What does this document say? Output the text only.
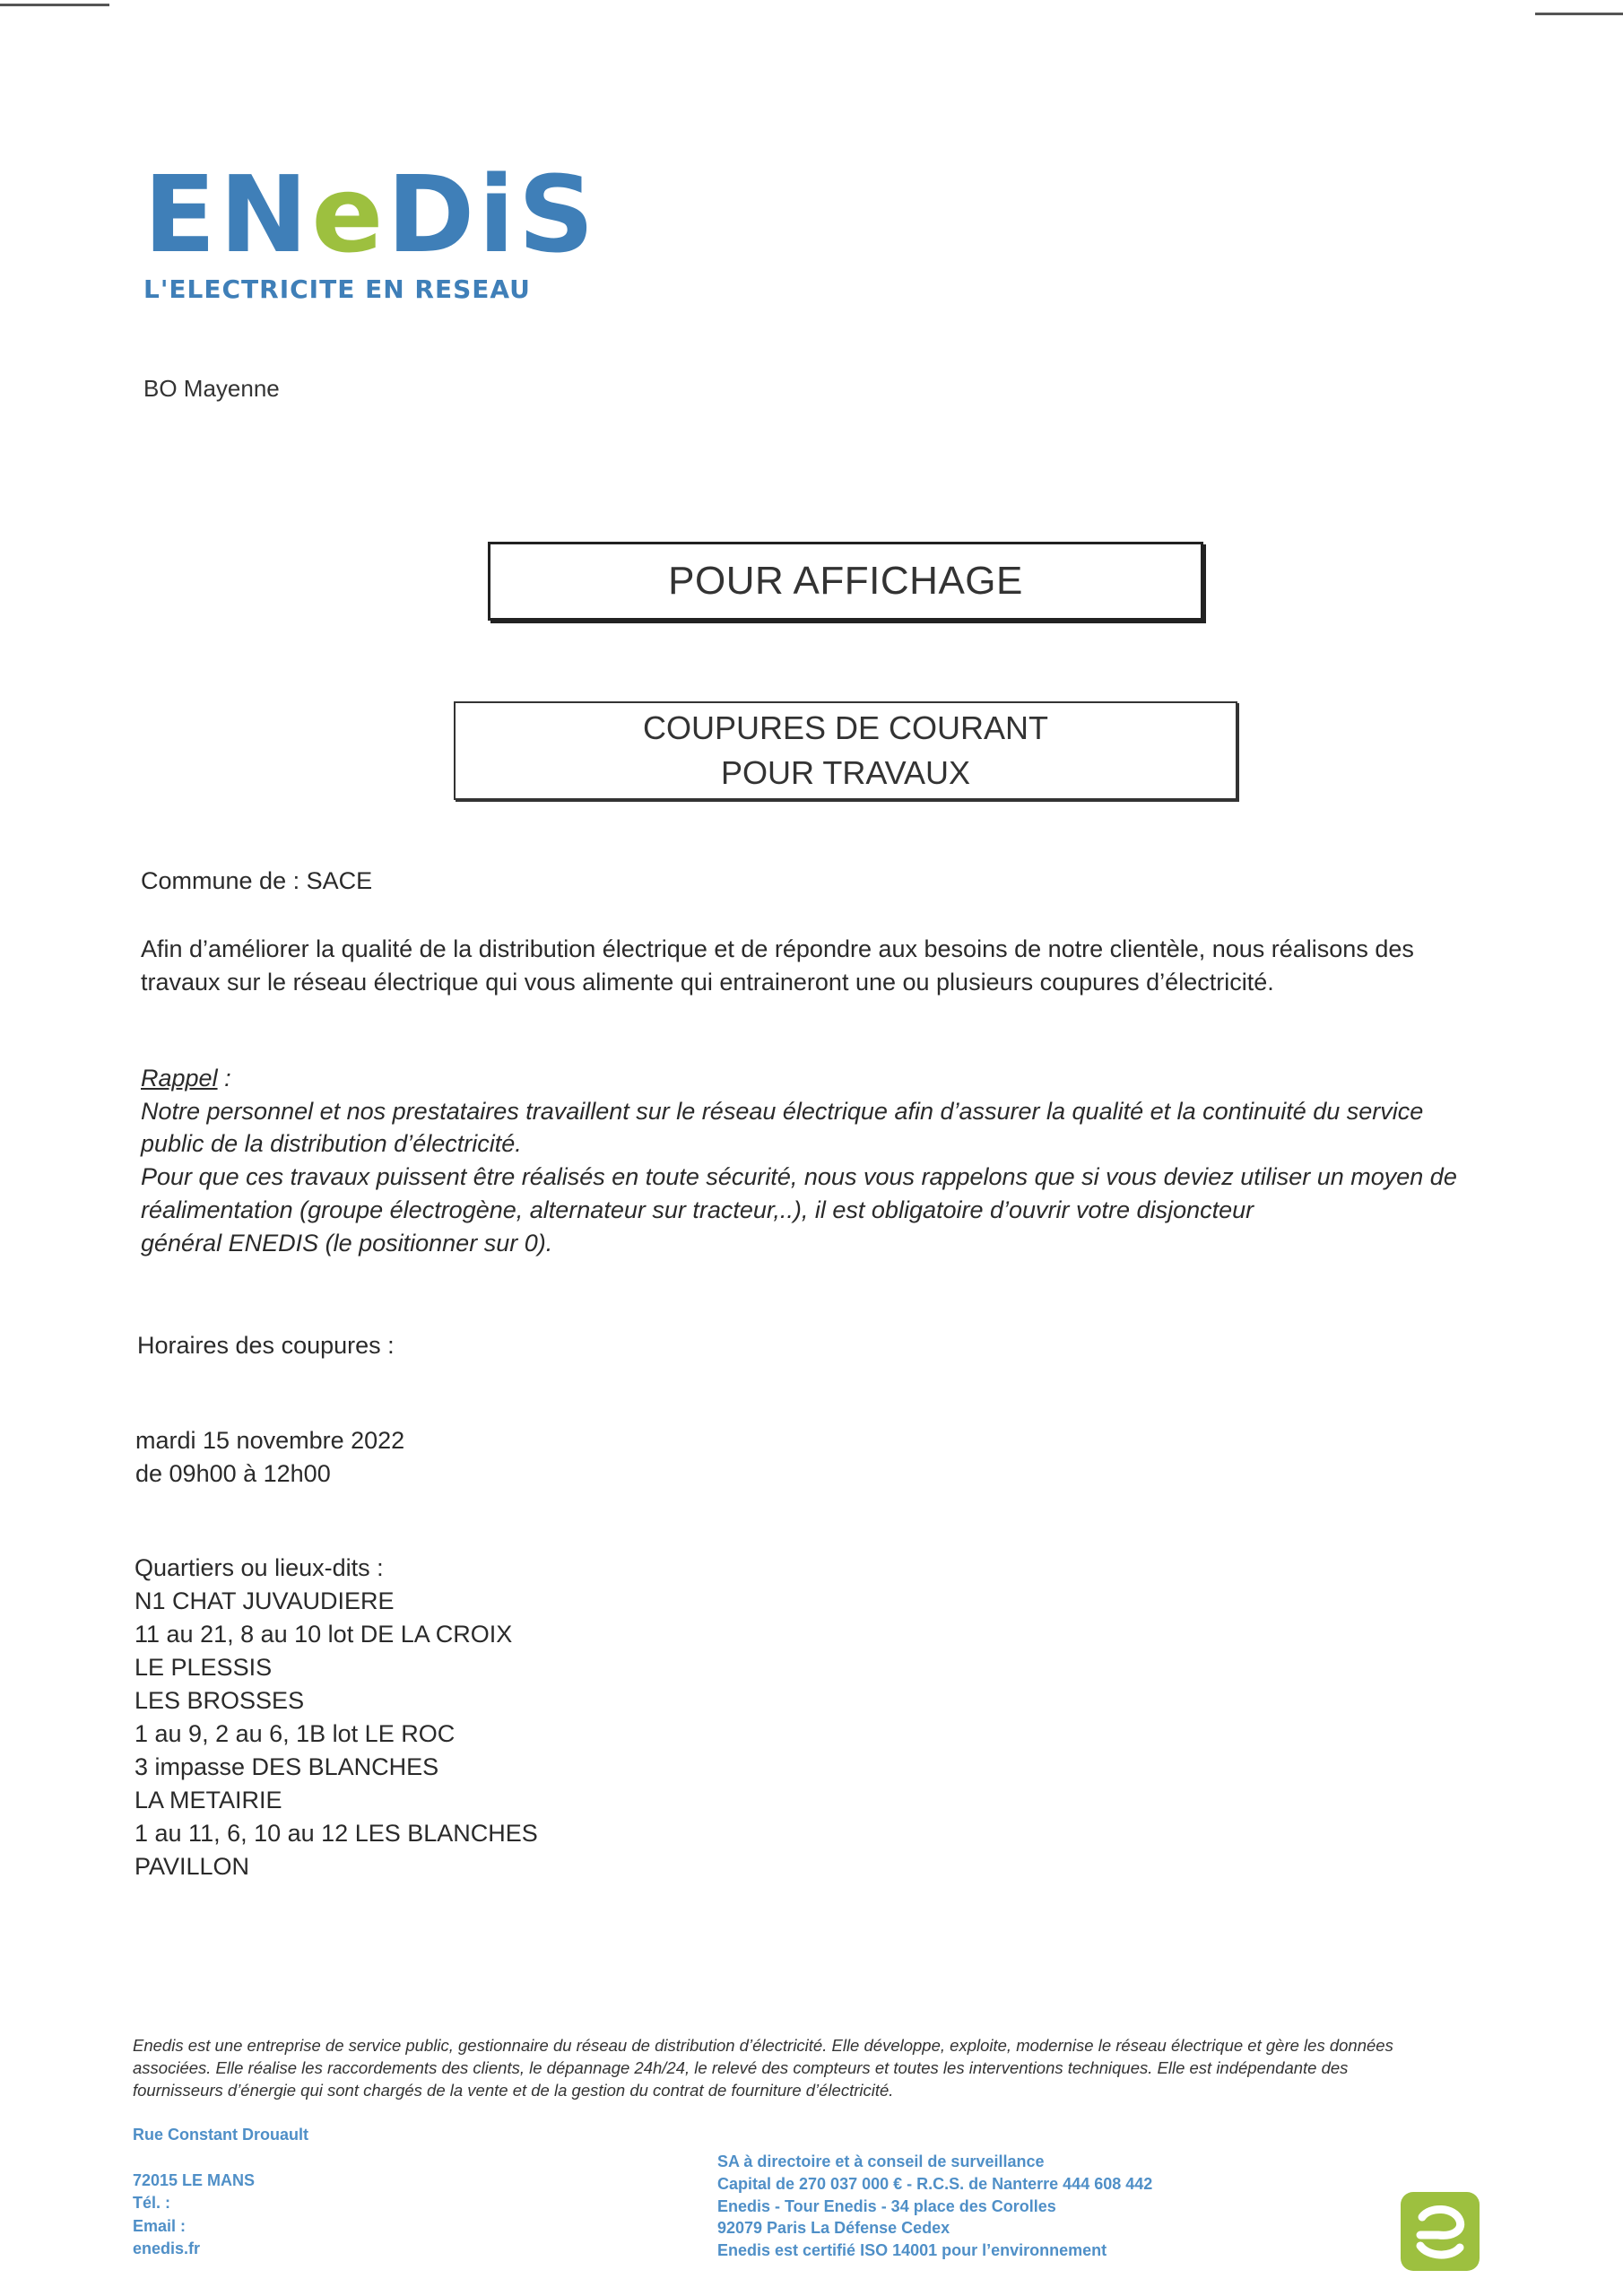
ENeDiS
L'ELECTRICITE EN RESEAU
BO Mayenne
POUR AFFICHAGE
COUPURES DE COURANT
POUR TRAVAUX
Commune de : SACE
Afin d’améliorer la qualité de la distribution électrique et de répondre aux besoins de notre clientèle, nous réalisons des
travaux sur le réseau électrique qui vous alimente qui entraineront une ou plusieurs coupures d’électricité.
Rappel :
Notre personnel et nos prestataires travaillent sur le réseau électrique afin d’assurer la qualité et la continuité du service
public de la distribution d’électricité.
Pour que ces travaux puissent être réalisés en toute sécurité, nous vous rappelons que si vous deviez utiliser un moyen de
réalimentation (groupe électrogène, alternateur sur tracteur,..), il est obligatoire d’ouvrir votre disjoncteur
général ENEDIS (le positionner sur 0).
Horaires des coupures :
mardi 15 novembre 2022
de 09h00 à 12h00
Quartiers ou lieux-dits :
N1 CHAT JUVAUDIERE
11 au 21, 8 au 10 lot DE LA CROIX
LE PLESSIS
LES BROSSES
1 au 9, 2 au 6, 1B lot LE ROC
3 impasse DES BLANCHES
LA METAIRIE
1 au 11, 6, 10 au 12 LES BLANCHES
PAVILLON
Enedis est une entreprise de service public, gestionnaire du réseau de distribution d’électricité. Elle développe, exploite, modernise le réseau électrique et gère les données
associées. Elle réalise les raccordements des clients, le dépannage 24h/24, le relevé des compteurs et toutes les interventions techniques. Elle est indépendante des
fournisseurs d’énergie qui sont chargés de la vente et de la gestion du contrat de fourniture d’électricité.
Rue Constant Drouault
72015 LE MANS
Tél. :
Email :
enedis.fr
SA à directoire et à conseil de surveillance
Capital de 270 037 000 € - R.C.S. de Nanterre 444 608 442
Enedis - Tour Enedis - 34 place des Corolles
92079 Paris La Défense Cedex
Enedis est certifié ISO 14001 pour l’environnement
